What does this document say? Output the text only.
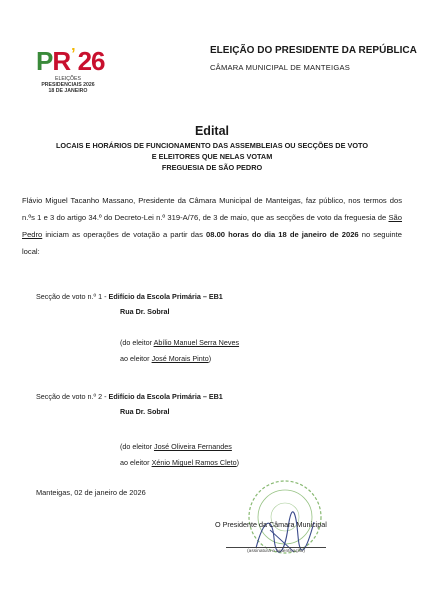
P R ’ 26
ELEIÇÕES
PRESIDENCIAIS 2026
18 DE JANEIRO
ELEIÇÃO DO PRESIDENTE DA REPÚBLICA
CÂMARA MUNICIPAL DE MANTEIGAS
Edital
LOCAIS E HORÁRIOS DE FUNCIONAMENTO DAS ASSEMBLEIAS OU SECÇÕES DE VOTO
E ELEITORES QUE NELAS VOTAM
FREGUESIA DE SÃO PEDRO
Flávio Miguel Tacanho Massano, Presidente da Câmara Municipal de Manteigas, faz público, nos termos dos n.ºs 1 e 3 do artigo 34.º do Decreto-Lei n.º 319-A/76, de 3 de maio, que as secções de voto da freguesia de São Pedro iniciam as operações de votação a partir das 08.00 horas do dia 18 de janeiro de 2026 no seguinte local:
Secção de voto n.º 1 - Edifício da Escola Primária – EB1
Rua Dr. Sobral
(do eleitor Abílio Manuel Serra Neves
ao eleitor José Morais Pinto)
Secção de voto n.º 2 - Edifício da Escola Primária – EB1
Rua Dr. Sobral
(do eleitor José Oliveira Fernandes
ao eleitor Xénio Miguel Ramos Cleto)
Manteigas, 02 de janeiro de 2026
O Presidente da Câmara Municipal
(assinatura e autenticação)
